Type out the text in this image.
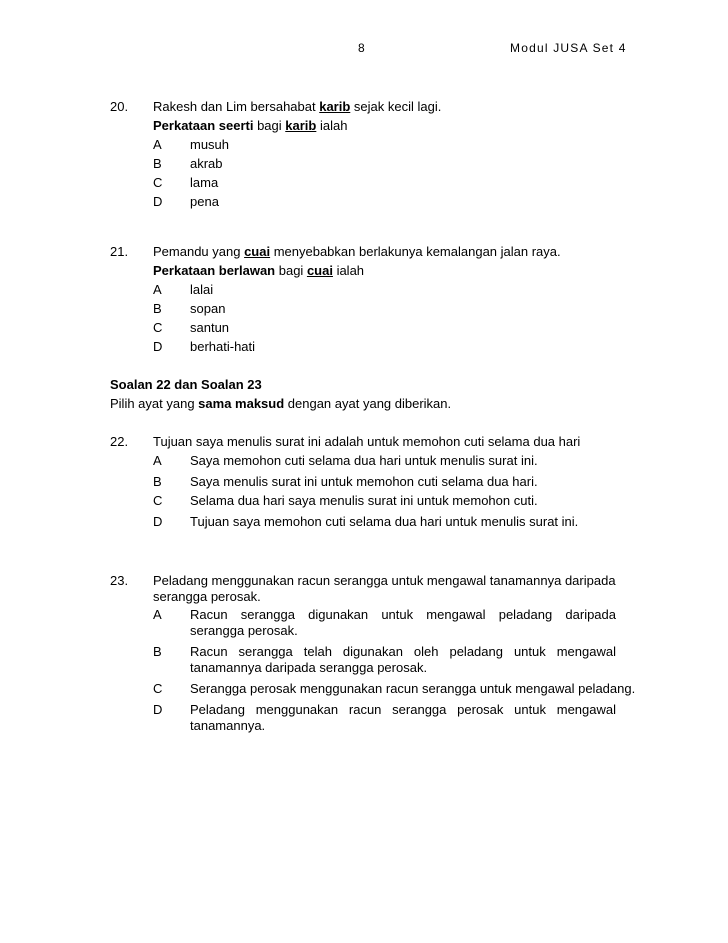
8	Modul JUSA Set 4
20. Rakesh dan Lim bersahabat karib sejak kecil lagi.
Perkataan seerti bagi karib ialah
A musuh
B akrab
C lama
D pena
21. Pemandu yang cuai menyebabkan berlakunya kemalangan jalan raya.
Perkataan berlawan bagi cuai ialah
A lalai
B sopan
C santun
D berhati-hati
Soalan 22 dan Soalan 23
Pilih ayat yang sama maksud dengan ayat yang diberikan.
22. Tujuan saya menulis surat ini adalah untuk memohon cuti selama dua hari
A Saya memohon cuti selama dua hari untuk menulis surat ini.
B Saya menulis surat ini untuk memohon cuti selama dua hari.
C Selama dua hari saya menulis surat ini untuk memohon cuti.
D Tujuan saya memohon cuti selama dua hari untuk menulis surat ini.
23. Peladang menggunakan racun serangga untuk mengawal tanamannya daripada serangga perosak.
A Racun serangga digunakan untuk mengawal peladang daripada serangga perosak.
B Racun serangga telah digunakan oleh peladang untuk mengawal tanamannya daripada serangga perosak.
C Serangga perosak menggunakan racun serangga untuk mengawal peladang.
D Peladang menggunakan racun serangga perosak untuk mengawal tanamannya.
